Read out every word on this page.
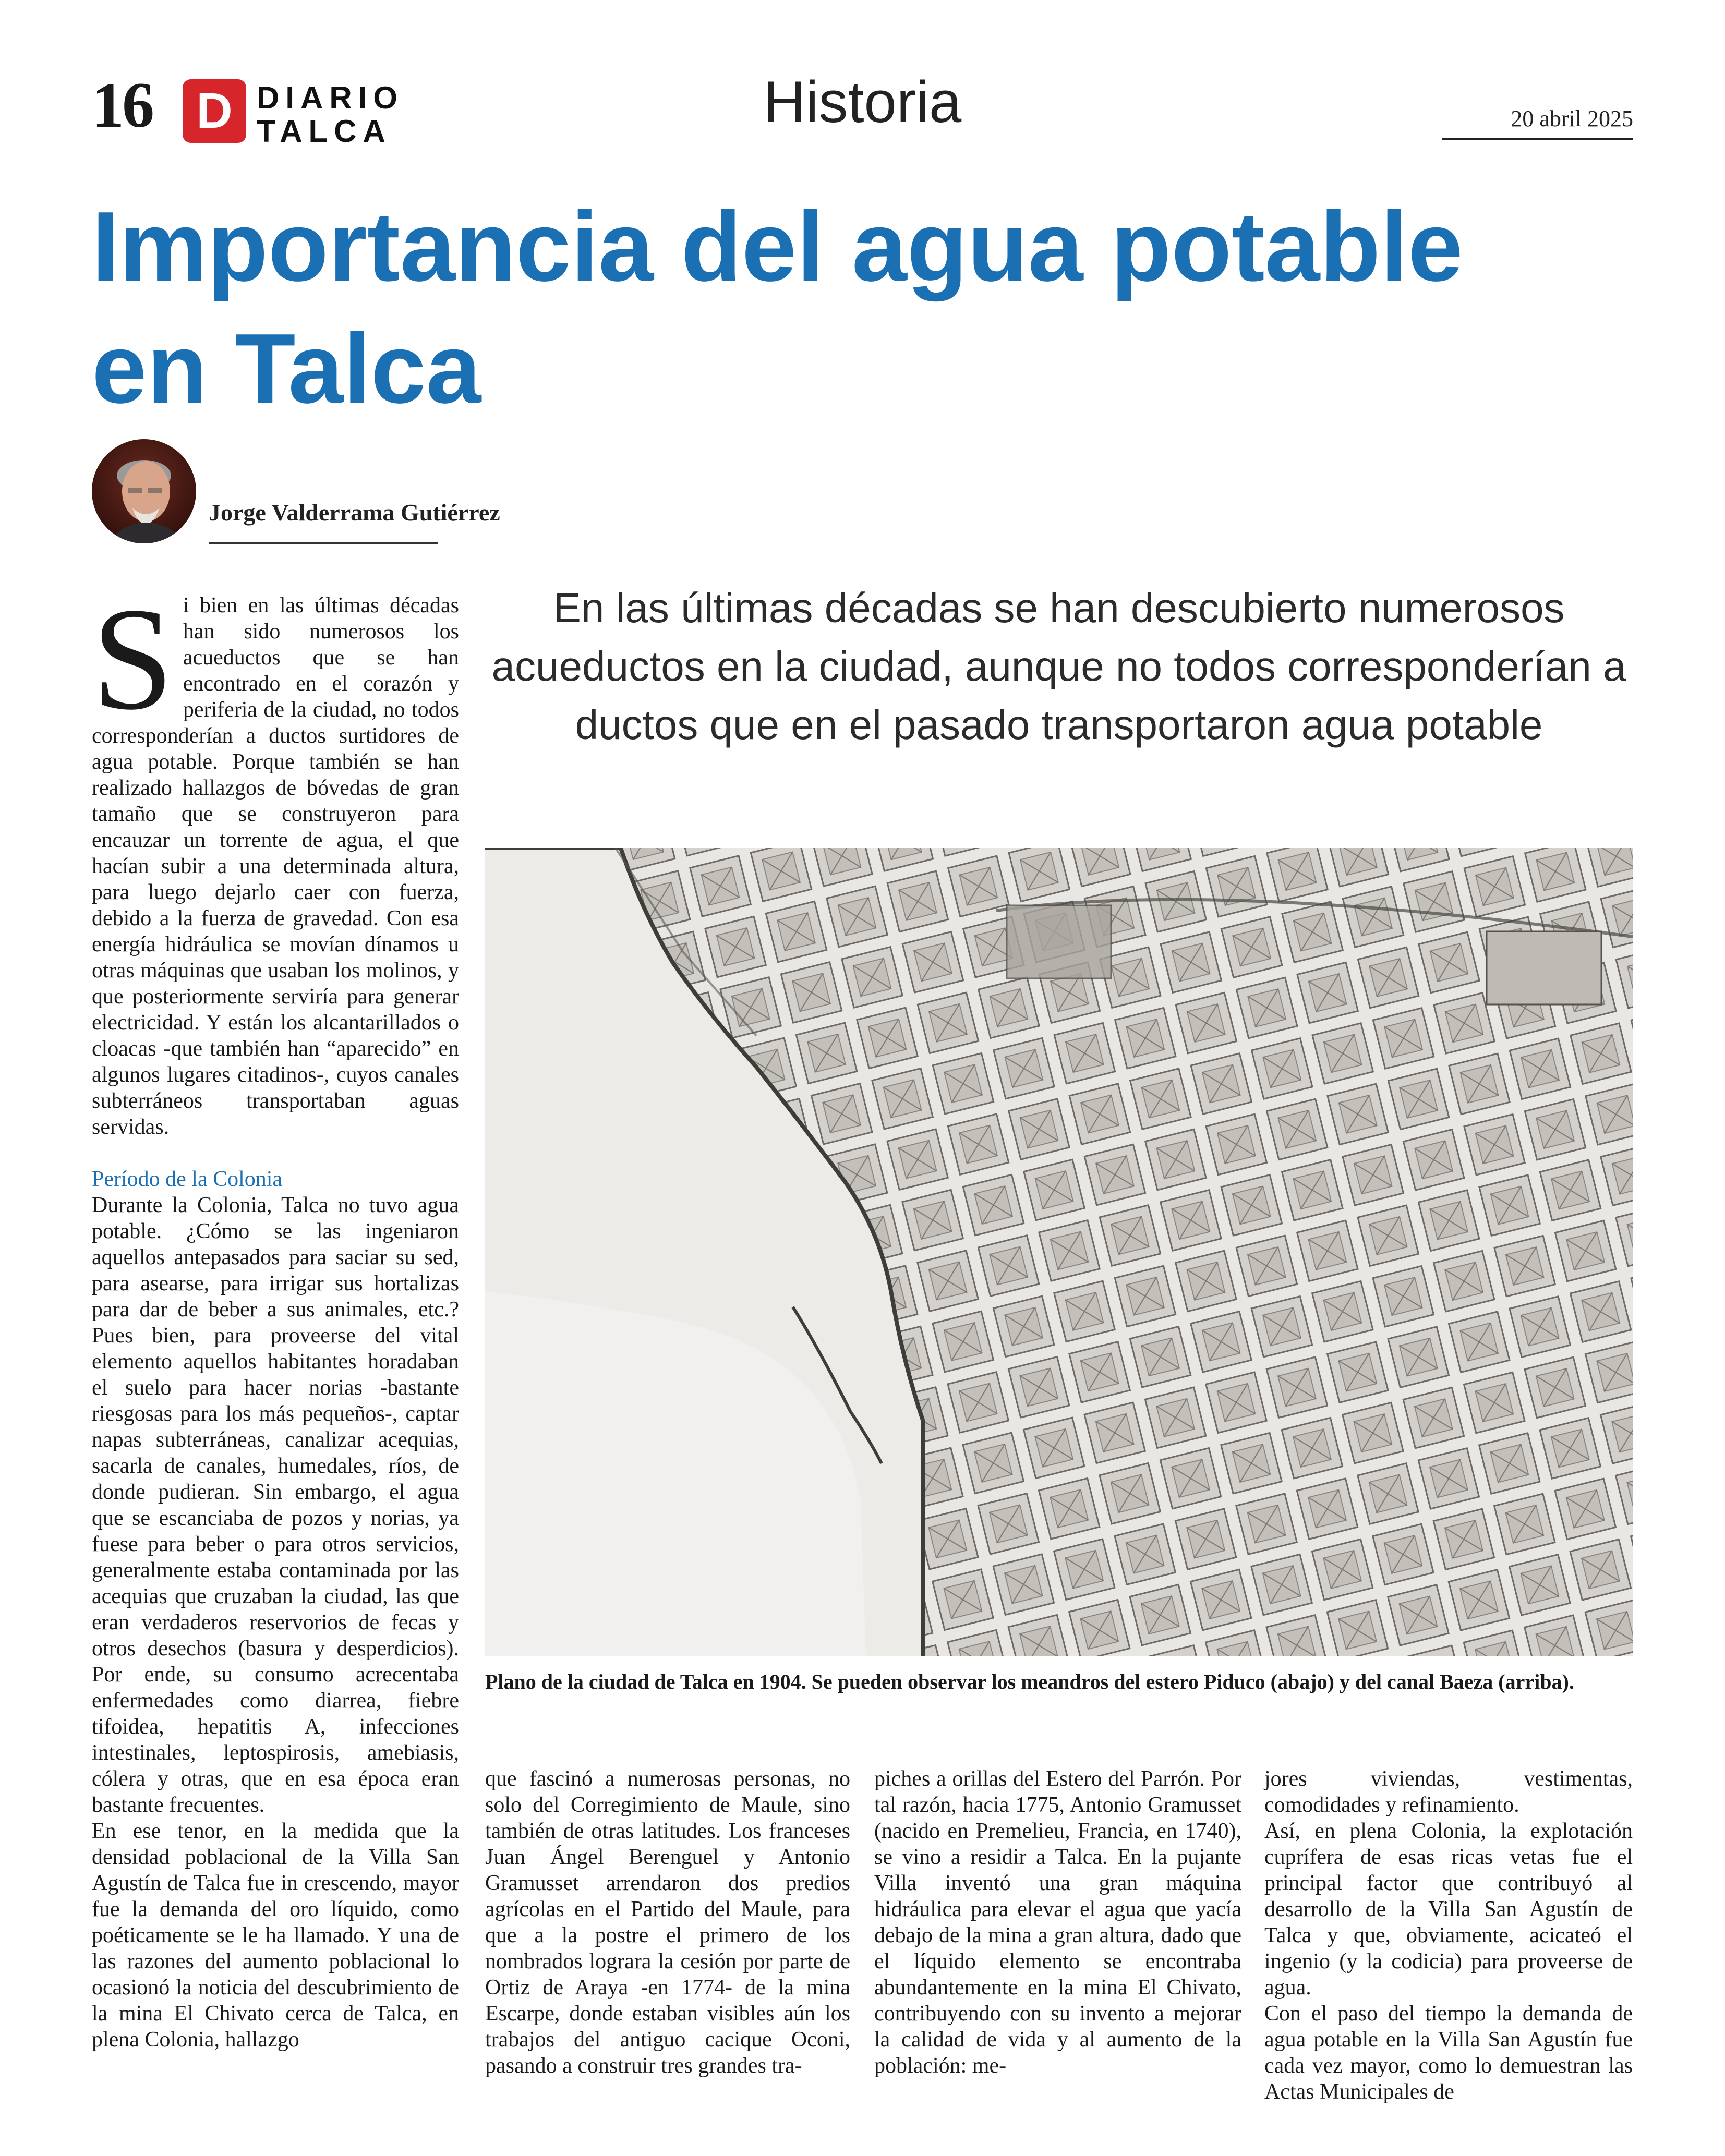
16 D DIARIO
TALCA	Historia	20 abril 2025
Importancia del agua potable en Talca
Jorge Valderrama Gutiérrez

Si bien en las últimas décadas han sido numerosos los acueductos que se han encontrado en el corazón y periferia de la ciudad, no todos corresponderían a ductos surtidores de agua potable. Porque también se han realizado hallazgos de bóvedas de gran tamaño que se construyeron para encauzar un torrente de agua, el que hacían subir a una determinada altura, para luego dejarlo caer con fuerza, debido a la fuerza de gravedad. Con esa energía hidráulica se movían dínamos u otras máquinas que usaban los molinos, y que posteriormente serviría para generar electricidad. Y están los alcantarillados o cloacas -que también han “aparecido” en algunos lugares citadinos-, cuyos canales subterráneos transportaban aguas servidas.

Período de la Colonia

Durante la Colonia, Talca no tuvo agua potable. ¿Cómo se las ingeniaron aquellos antepasados para saciar su sed, para asearse, para irrigar sus hortalizas para dar de beber a sus animales, etc.? Pues bien, para proveerse del vital elemento aquellos habitantes horadaban el suelo para hacer norias -bastante riesgosas para los más pequeños-, captar napas subterráneas, canalizar acequias, sacarla de canales, humedales, ríos, de donde pudieran. Sin embargo, el agua que se escanciaba de pozos y norias, ya fuese para beber o para otros servicios, generalmente estaba contaminada por las acequias que cruzaban la ciudad, las que eran verdaderos reservorios de fecas y otros desechos (basura y desperdicios). Por ende, su consumo acrecentaba enfermedades como diarrea, fiebre tifoidea, hepatitis A, infecciones intestinales, leptospirosis, amebiasis, cólera y otras, que en esa época eran bastante frecuentes.

En ese tenor, en la medida que la densidad poblacional de la Villa San Agustín de Talca fue in crescendo, mayor fue la demanda del oro líquido, como poéticamente se le ha llamado. Y una de las razones del aumento poblacional lo ocasionó la noticia del descubrimiento de la mina El Chivato cerca de Talca, en plena Colonia, hallazgo

En las últimas décadas se han descubierto numerosos acueductos en la ciudad, aunque no todos corresponderían a ductos que en el pasado transportaron agua potable
Plano de la ciudad de Talca en 1904. Se pueden observar los meandros del estero Piduco (abajo) y del canal Baeza (arriba).

que fascinó a numerosas personas, no solo del Corregimiento de Maule, sino también de otras latitudes. Los franceses Juan Ángel Berenguel y Antonio Gramusset arrendaron dos predios agrícolas en el Partido del Maule, para que a la postre el primero de los nombrados lograra la cesión por parte de Ortiz de Araya -en 1774- de la mina Escarpe, donde estaban visibles aún los trabajos del antiguo cacique Oconi, pasando a construir tres grandes tra-

piches a orillas del Estero del Parrón. Por tal razón, hacia 1775, Antonio Gramusset (nacido en Premelieu, Francia, en 1740), se vino a residir a Talca. En la pujante Villa inventó una gran máquina hidráulica para elevar el agua que yacía debajo de la mina a gran altura, dado que el líquido elemento se encontraba abundantemente en la mina El Chivato, contribuyendo con su invento a mejorar la calidad de vida y al aumento de la población: me-

jores viviendas, vestimentas, comodidades y refinamiento.

Así, en plena Colonia, la explotación cuprífera de esas ricas vetas fue el principal factor que contribuyó al desarrollo de la Villa San Agustín de Talca y que, obviamente, acicateó el ingenio (y la codicia) para proveerse de agua.

Con el paso del tiempo la demanda de agua potable en la Villa San Agustín fue cada vez mayor, como lo demuestran las Actas Municipales de
